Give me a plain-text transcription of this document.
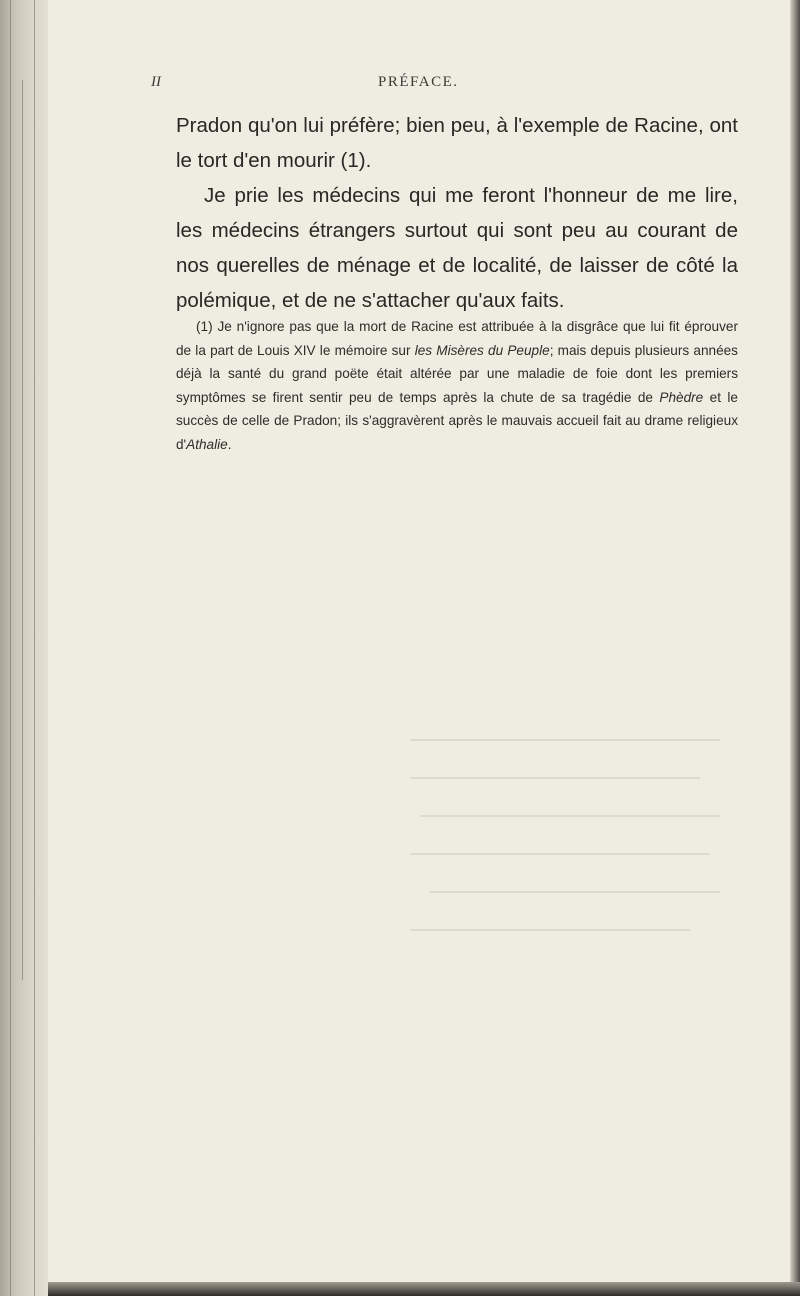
II	PRÉFACE.

Pradon qu'on lui préfère; bien peu, à l'exemple de Racine, ont le tort d'en mourir (1).

Je prie les médecins qui me feront l'honneur de me lire, les médecins étrangers surtout qui sont peu au courant de nos querelles de ménage et de localité, de laisser de côté la polémique, et de ne s'attacher qu'aux faits.

(1) Je n'ignore pas que la mort de Racine est attribuée à la disgrâce que lui fit éprouver de la part de Louis XIV le mémoire sur les Misères du Peuple; mais depuis plusieurs années déjà la santé du grand poëte était altérée par une maladie de foie dont les premiers symptômes se firent sentir peu de temps après la chute de sa tragédie de Phèdre et le succès de celle de Pradon; ils s'aggravèrent après le mauvais accueil fait au drame religieux d'Athalie.
